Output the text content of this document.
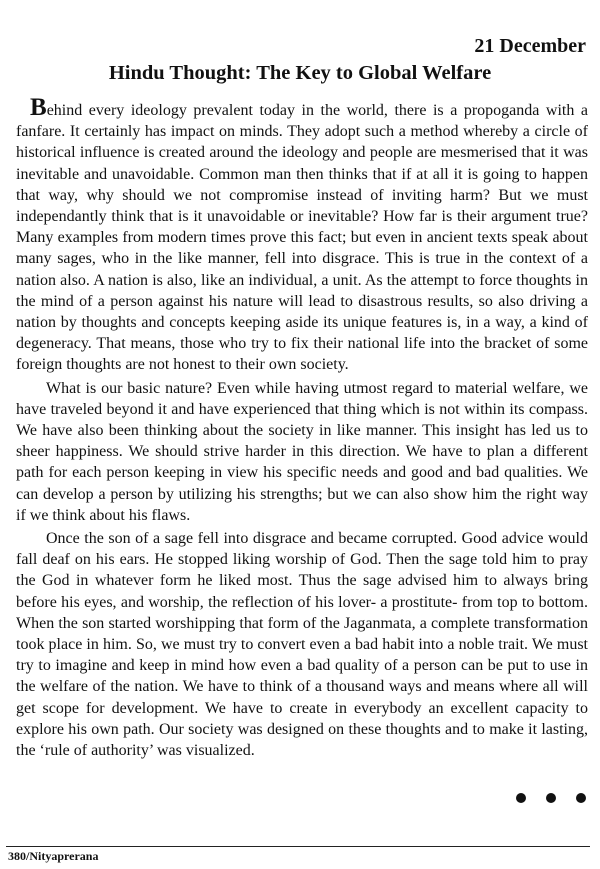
21 December
Hindu Thought: The Key to Global Welfare

Behind every ideology prevalent today in the world, there is a propoganda with a fanfare. It certainly has impact on minds. They adopt such a method whereby a circle of historical influence is created around the ideology and people are mesmerised that it was inevitable and unavoidable. Common man then thinks that if at all it is going to happen that way, why should we not compromise instead of inviting harm? But we must independantly think that is it unavoidable or inevitable? How far is their argument true? Many examples from modern times prove this fact; but even in ancient texts speak about many sages, who in the like manner, fell into disgrace. This is true in the context of a nation also. A nation is also, like an individual, a unit. As the attempt to force thoughts in the mind of a person against his nature will lead to disastrous results, so also driving a nation by thoughts and concepts keeping aside its unique features is, in a way, a kind of degeneracy. That means, those who try to fix their national life into the bracket of some foreign thoughts are not honest to their own society.

What is our basic nature? Even while having utmost regard to material welfare, we have traveled beyond it and have experienced that thing which is not within its compass. We have also been thinking about the society in like manner. This insight has led us to sheer happiness. We should strive harder in this direction. We have to plan a different path for each person keeping in view his specific needs and good and bad qualities. We can develop a person by utilizing his strengths; but we can also show him the right way if we think about his flaws.

Once the son of a sage fell into disgrace and became corrupted. Good advice would fall deaf on his ears. He stopped liking worship of God. Then the sage told him to pray the God in whatever form he liked most. Thus the sage advised him to always bring before his eyes, and worship, the reflection of his lover- a prostitute- from top to bottom. When the son started worshipping that form of the Jaganmata, a complete transformation took place in him. So, we must try to convert even a bad habit into a noble trait. We must try to imagine and keep in mind how even a bad quality of a person can be put to use in the welfare of the nation. We have to think of a thousand ways and means where all will get scope for development. We have to create in everybody an excellent capacity to explore his own path. Our society was designed on these thoughts and to make it lasting, the ‘rule of authority’ was visualized.

380/Nityaprerana
